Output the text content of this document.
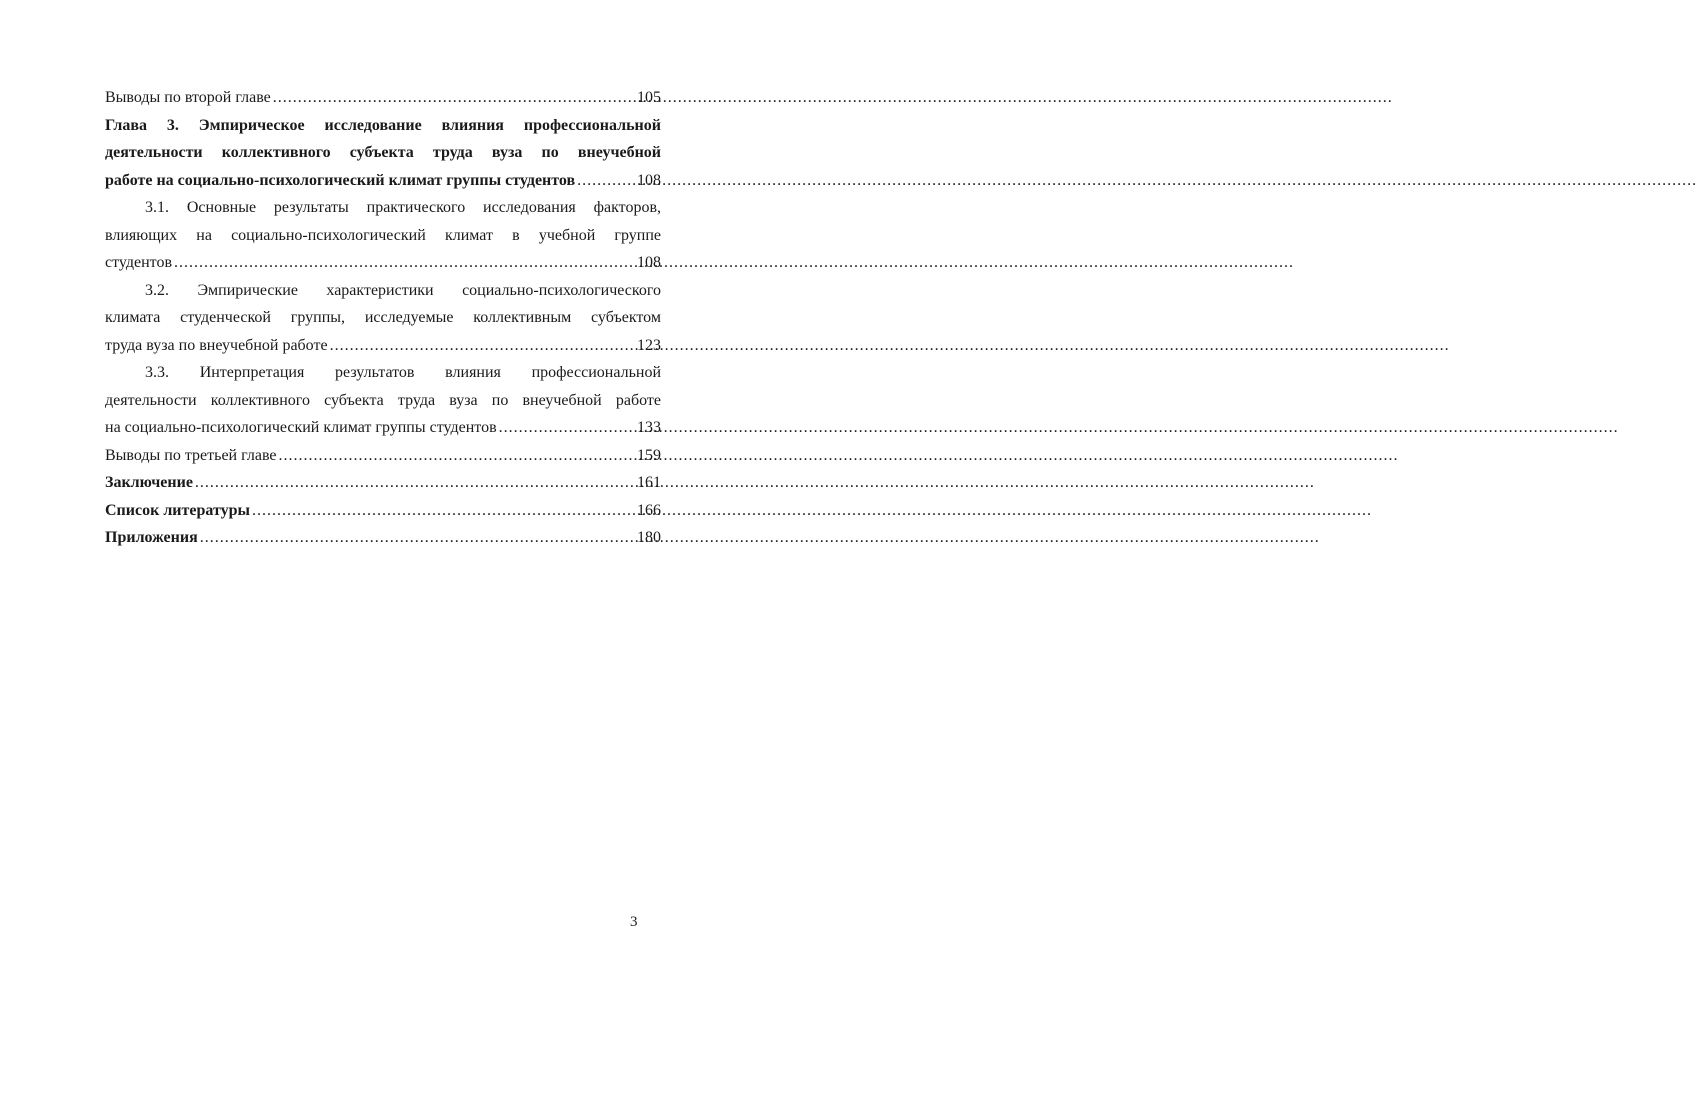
Выводы по второй главе .....	105
Глава 3. Эмпирическое исследование влияния профессиональной
деятельности коллективного субъекта труда вуза по внеучебной
работе на социально-психологический климат группы студентов .....	108
3.1. Основные результаты практического исследования факторов,
влияющих на социально-психологический климат в учебной группе
студентов .....	108
3.2. Эмпирические характеристики социально-психологического
климата студенческой группы, исследуемые коллективным субъектом
труда вуза по внеучебной работе .....	123
3.3. Интерпретация результатов влияния профессиональной
деятельности коллективного субъекта труда вуза по внеучебной работе
на социально-психологический климат группы студентов .....	133
Выводы по третьей главе .....	159
Заключение .....	161
Список литературы .....	166
Приложения .....	180
3
